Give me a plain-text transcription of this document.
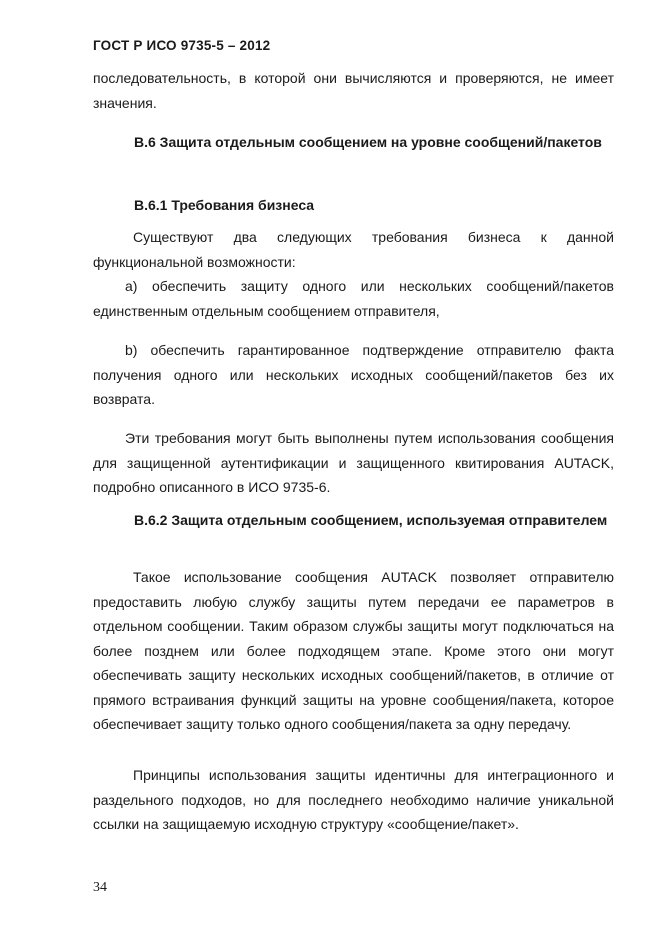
ГОСТ Р ИСО 9735-5 – 2012

последовательность, в которой они вычисляются и проверяются, не имеет значения.

В.6 Защита отдельным сообщением на уровне сообщений/пакетов

В.6.1 Требования бизнеса

Существуют два следующих требования бизнеса к данной функциональной возможности:

а) обеспечить защиту одного или нескольких сообщений/пакетов единственным отдельным сообщением отправителя,

b) обеспечить гарантированное подтверждение отправителю факта получения одного или нескольких исходных сообщений/пакетов без их возврата.

Эти требования могут быть выполнены путем использования сообщения для защищенной аутентификации и защищенного квитирования AUTACK, подробно описанного в ИСО 9735-6.

В.6.2 Защита отдельным сообщением, используемая отправителем

Такое использование сообщения AUTACK позволяет отправителю предоставить любую службу защиты путем передачи ее параметров в отдельном сообщении. Таким образом службы защиты могут подключаться на более позднем или более подходящем этапе. Кроме этого они могут обеспечивать защиту нескольких исходных сообщений/пакетов, в отличие от прямого встраивания функций защиты на уровне сообщения/пакета, которое обеспечивает защиту только одного сообщения/пакета за одну передачу.

Принципы использования защиты идентичны для интеграционного и раздельного подходов, но для последнего необходимо наличие уникальной ссылки на защищаемую исходную структуру «сообщение/пакет».

34
